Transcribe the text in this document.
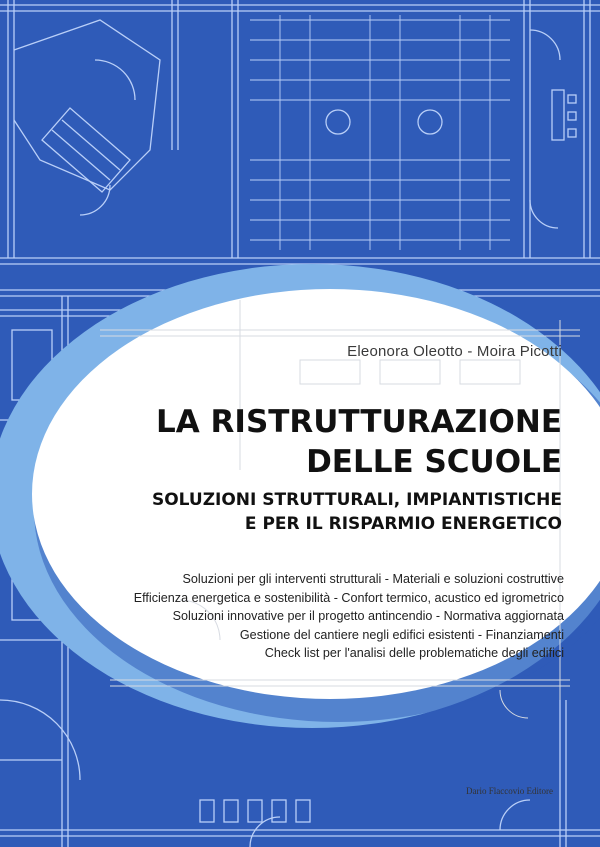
Eleonora Oleotto - Moira Picotti
LA RISTRUTTURAZIONE
DELLE SCUOLE
SOLUZIONI STRUTTURALI, IMPIANTISTICHE
E PER IL RISPARMIO ENERGETICO
Soluzioni per gli interventi strutturali - Materiali e soluzioni costruttive
Efficienza energetica e sostenibilità - Confort termico, acustico ed igrometrico
Soluzioni innovative per il progetto antincendio - Normativa aggiornata
Gestione del cantiere negli edifici esistenti - Finanziamenti
Check list per l'analisi delle problematiche degli edifici
Dario Flaccovio Editore
